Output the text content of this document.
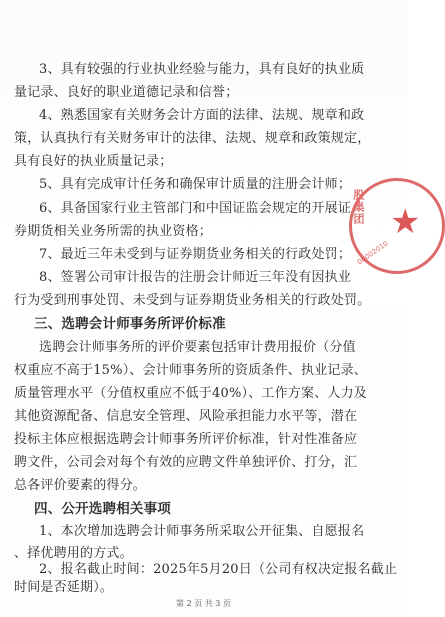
股集团 ★
06002010
3、具有较强的行业执业经验与能力，具有良好的执业质
量记录、良好的职业道德记录和信誉；
4、熟悉国家有关财务会计方面的法律、法规、规章和政
策，认真执行有关财务审计的法律、法规、规章和政策规定，
具有良好的执业质量记录；
5、具有完成审计任务和确保审计质量的注册会计师；
6、具备国家行业主管部门和中国证监会规定的开展证
券期货相关业务所需的执业资格；
7、最近三年未受到与证券期货业务相关的行政处罚；
8、签署公司审计报告的注册会计师近三年没有因执业
行为受到刑事处罚、未受到与证券期货业务相关的行政处罚。
三、选聘会计师事务所评价标准
选聘会计师事务所的评价要素包括审计费用报价（分值
权重应不高于15%）、会计师事务所的资质条件、执业记录、
质量管理水平（分值权重应不低于40%）、工作方案、人力及
其他资源配备、信息安全管理、风险承担能力水平等，潜在
投标主体应根据选聘会计师事务所评价标准，针对性准备应
聘文件，公司会对每个有效的应聘文件单独评价、打分，汇
总各评价要素的得分。
四、公开选聘相关事项
1、本次增加选聘会计师事务所采取公开征集、自愿报名
、择优聘用的方式。
2、报名截止时间：2025年5月20日（公司有权决定报名截止
第 2 页 共 3 页
时间是否延期）。
